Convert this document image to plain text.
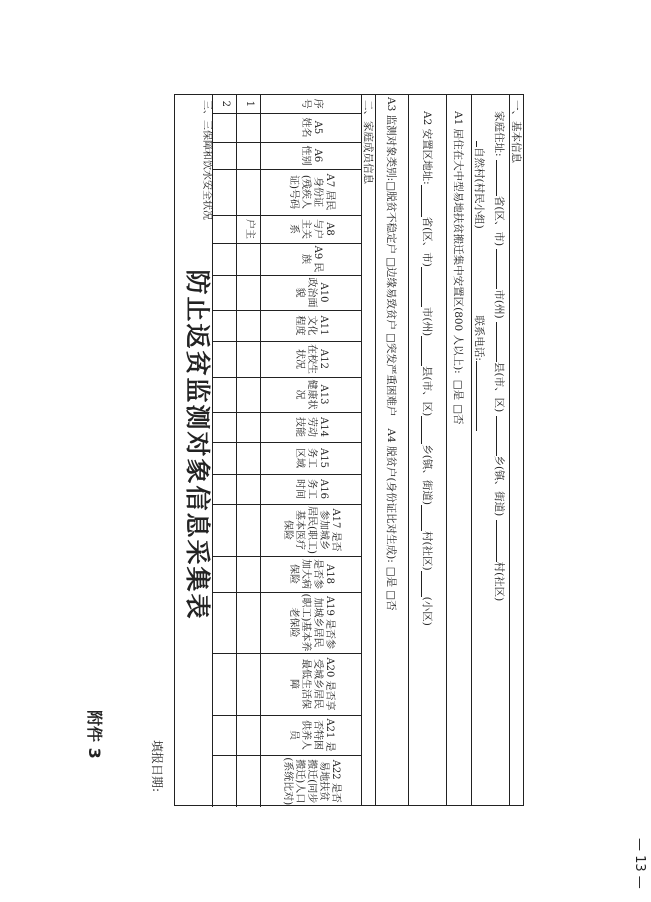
附件 3
防止返贫监测对象信息采集表
填报日期:
一、基本信息
家庭住址: 省(区、市) 市(州) 县(市、区) 乡(镇、街道) 村(社区)
自然村(村民小组)  联系电话:
A1 居住在大中型易地扶贫搬迁集中安置区(800 人以上):
□是
□否
A2 安置区地址:
省(区、市)
市(州)
县(市、区)
乡(镇、街道)
村(社区)
(小区)
A3 监测对象类别:
□脱贫不稳定户
□边缘易致贫户
□突发严重困难户
A4 脱贫户(身份证比对生成):
□是
□否
二、家庭成员信息
序号	A5 姓名	A6 性别	A7 居民身份证(残疾人证)号码	A8 与户主关系	A9 民族	A10 政治面貌	A11 文化程度	A12 在校生状况	A13 健康状况	A14 劳动技能	A15 务工区域	A16 务工时间	A17 是否参加城乡居民(职工)基本医疗保险	A18 是否参加大病保险	A19 是否参加城乡居民(职工)基本养老保险	A20 是否享受城乡居民最低生活保障	A21 是否特困供养人员	A22 是否易地扶贫搬迁(同步搬迁)人口(系统比对)
1				户主														
2																		
三、三保障和饮水安全状况																		
— 13 —
